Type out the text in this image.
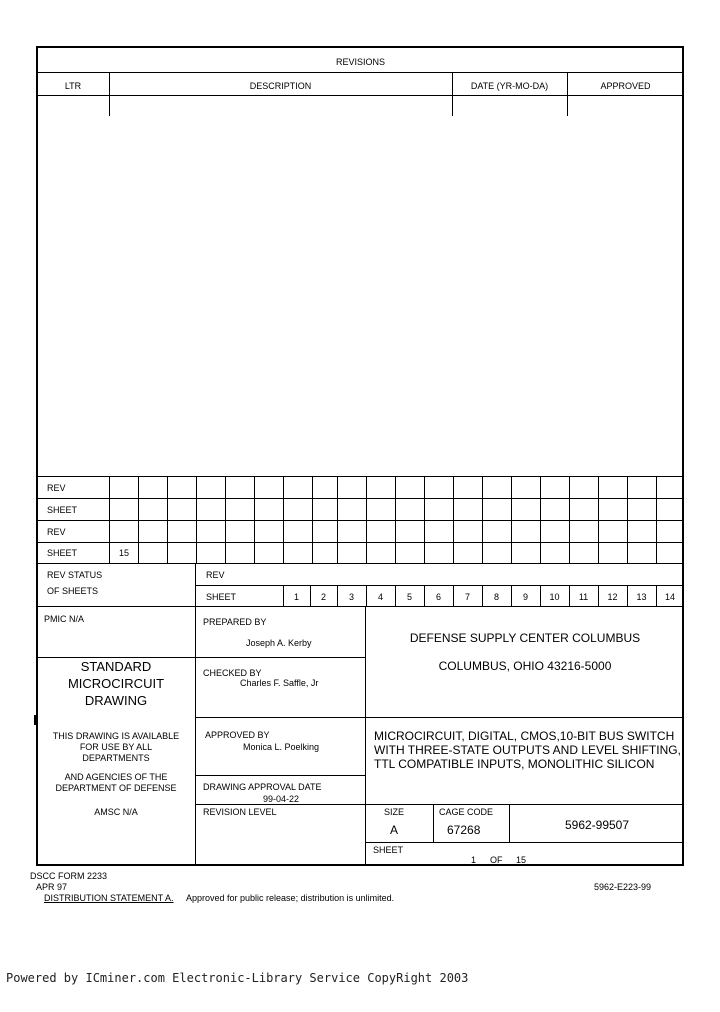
REVISIONS
LTR	DESCRIPTION	DATE (YR-MO-DA)	APPROVED
REV
SHEET
REV
SHEET	15
REV STATUS
OF SHEETS
REV
SHEET	1	2	3	4	5	6	7	8	9	10	11	12	13	14
PMIC N/A
STANDARD
MICROCIRCUIT
DRAWING
THIS DRAWING IS AVAILABLE
FOR USE BY ALL
DEPARTMENTS
AND AGENCIES OF THE
DEPARTMENT OF DEFENSE
AMSC N/A
PREPARED BY
Joseph A. Kerby
CHECKED BY
Charles F. Saffle, Jr
APPROVED BY
Monica L. Poelking
DRAWING APPROVAL DATE
99-04-22
REVISION LEVEL
DEFENSE SUPPLY CENTER COLUMBUS
COLUMBUS, OHIO 43216-5000
MICROCIRCUIT, DIGITAL, CMOS,10-BIT BUS SWITCH
WITH THREE-STATE OUTPUTS AND LEVEL SHIFTING,
TTL COMPATIBLE INPUTS, MONOLITHIC SILICON
SIZE
A
CAGE CODE
67268	5962-99507
SHEET
1 OF 15
DSCC FORM 2233
APR 97
DISTRIBUTION STATEMENT A. Approved for public release; distribution is unlimited.
5962-E223-99
Powered by ICminer.com Electronic-Library Service CopyRight 2003
